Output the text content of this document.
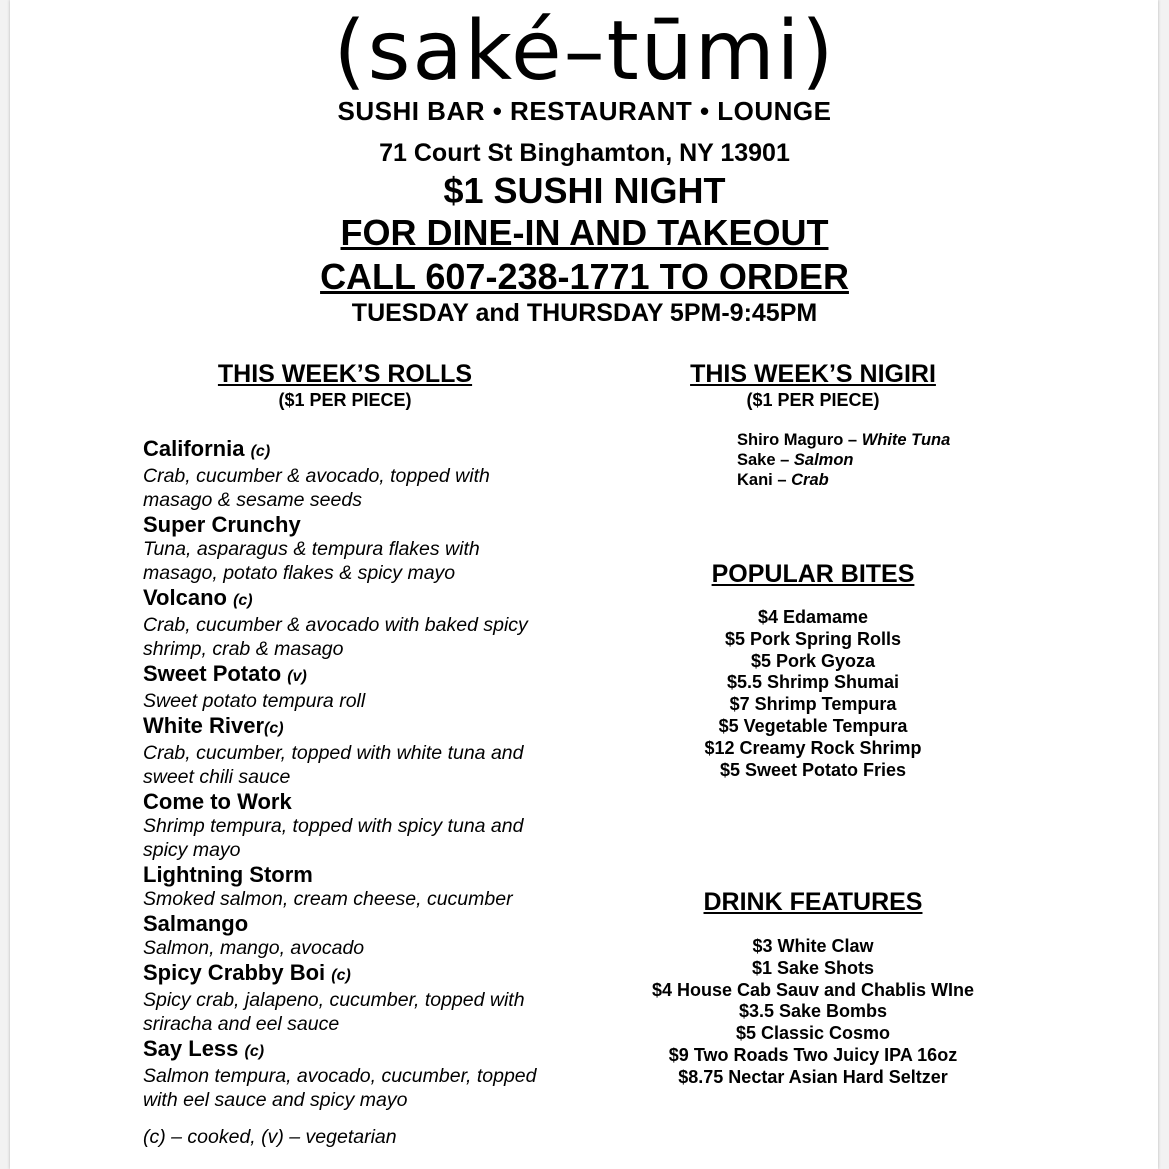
(saké–tūmi)
SUSHI BAR • RESTAURANT • LOUNGE
71 Court St Binghamton, NY 13901
$1 SUSHI NIGHT
FOR DINE-IN AND TAKEOUT
CALL 607-238-1771 TO ORDER
TUESDAY and THURSDAY 5PM-9:45PM
THIS WEEK’S ROLLS
($1 PER PIECE)
California (c)
Crab, cucumber & avocado, topped with
masago & sesame seeds
Super Crunchy
Tuna, asparagus & tempura flakes with
masago, potato flakes & spicy mayo
Volcano (c)
Crab, cucumber & avocado with baked spicy
shrimp, crab & masago
Sweet Potato (v)
Sweet potato tempura roll
White River(c)
Crab, cucumber, topped with white tuna and
sweet chili sauce
Come to Work
Shrimp tempura, topped with spicy tuna and
spicy mayo
Lightning Storm
Smoked salmon, cream cheese, cucumber
Salmango
Salmon, mango, avocado
Spicy Crabby Boi (c)
Spicy crab, jalapeno, cucumber, topped with
sriracha and eel sauce
Say Less (c)
Salmon tempura, avocado, cucumber, topped
with eel sauce and spicy mayo
(c) – cooked, (v) – vegetarian
THIS WEEK’S NIGIRI
($1 PER PIECE)
Shiro Maguro – White Tuna
Sake – Salmon
Kani – Crab
POPULAR BITES
$4 Edamame
$5 Pork Spring Rolls
$5 Pork Gyoza
$5.5 Shrimp Shumai
$7 Shrimp Tempura
$5 Vegetable Tempura
$12 Creamy Rock Shrimp
$5 Sweet Potato Fries
DRINK FEATURES
$3 White Claw
$1 Sake Shots
$4 House Cab Sauv and Chablis WIne
$3.5 Sake Bombs
$5 Classic Cosmo
$9 Two Roads Two Juicy IPA 16oz
$8.75 Nectar Asian Hard Seltzer
